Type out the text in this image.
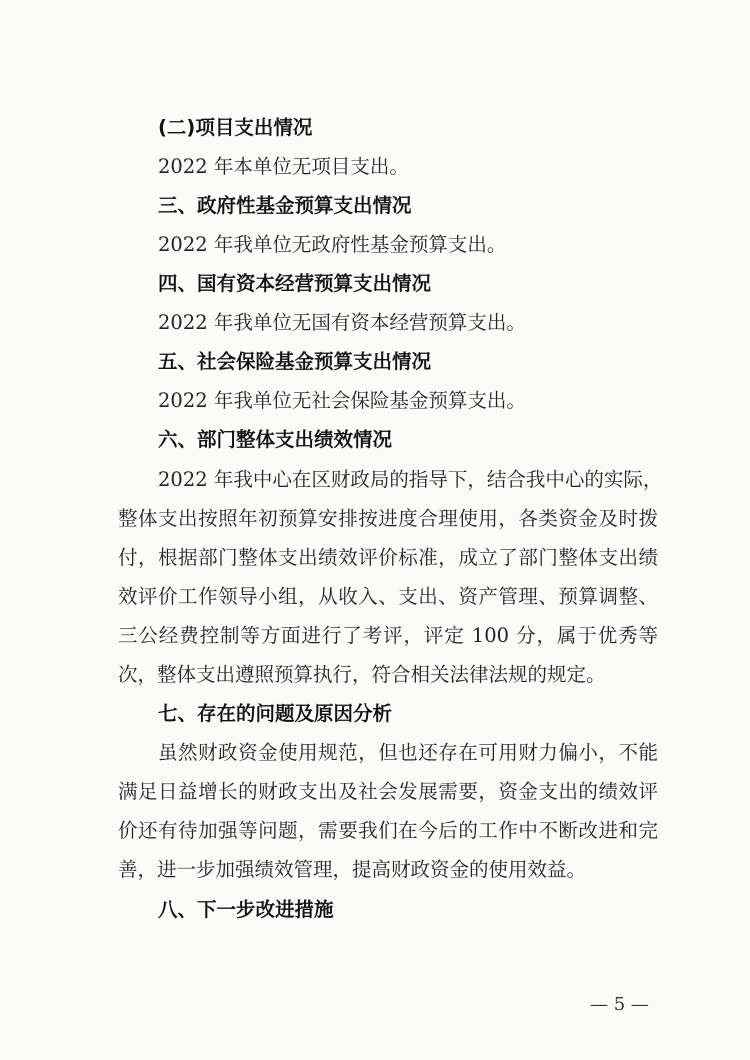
(二)项目支出情况
2022 年本单位无项目支出。
三、政府性基金预算支出情况
2022 年我单位无政府性基金预算支出。
四、国有资本经营预算支出情况
2022 年我单位无国有资本经营预算支出。
五、社会保险基金预算支出情况
2022 年我单位无社会保险基金预算支出。
六、部门整体支出绩效情况
2022 年我中心在区财政局的指导下，结合我中心的实际，
整体支出按照年初预算安排按进度合理使用，各类资金及时拨
付，根据部门整体支出绩效评价标准，成立了部门整体支出绩
效评价工作领导小组，从收入、支出、资产管理、预算调整、
三公经费控制等方面进行了考评，评定 100 分，属于优秀等
次，整体支出遵照预算执行，符合相关法律法规的规定。
七、存在的问题及原因分析
虽然财政资金使用规范，但也还存在可用财力偏小，不能
满足日益增长的财政支出及社会发展需要，资金支出的绩效评
价还有待加强等问题，需要我们在今后的工作中不断改进和完
善，进一步加强绩效管理，提高财政资金的使用效益。
八、下一步改进措施
— 5 —
